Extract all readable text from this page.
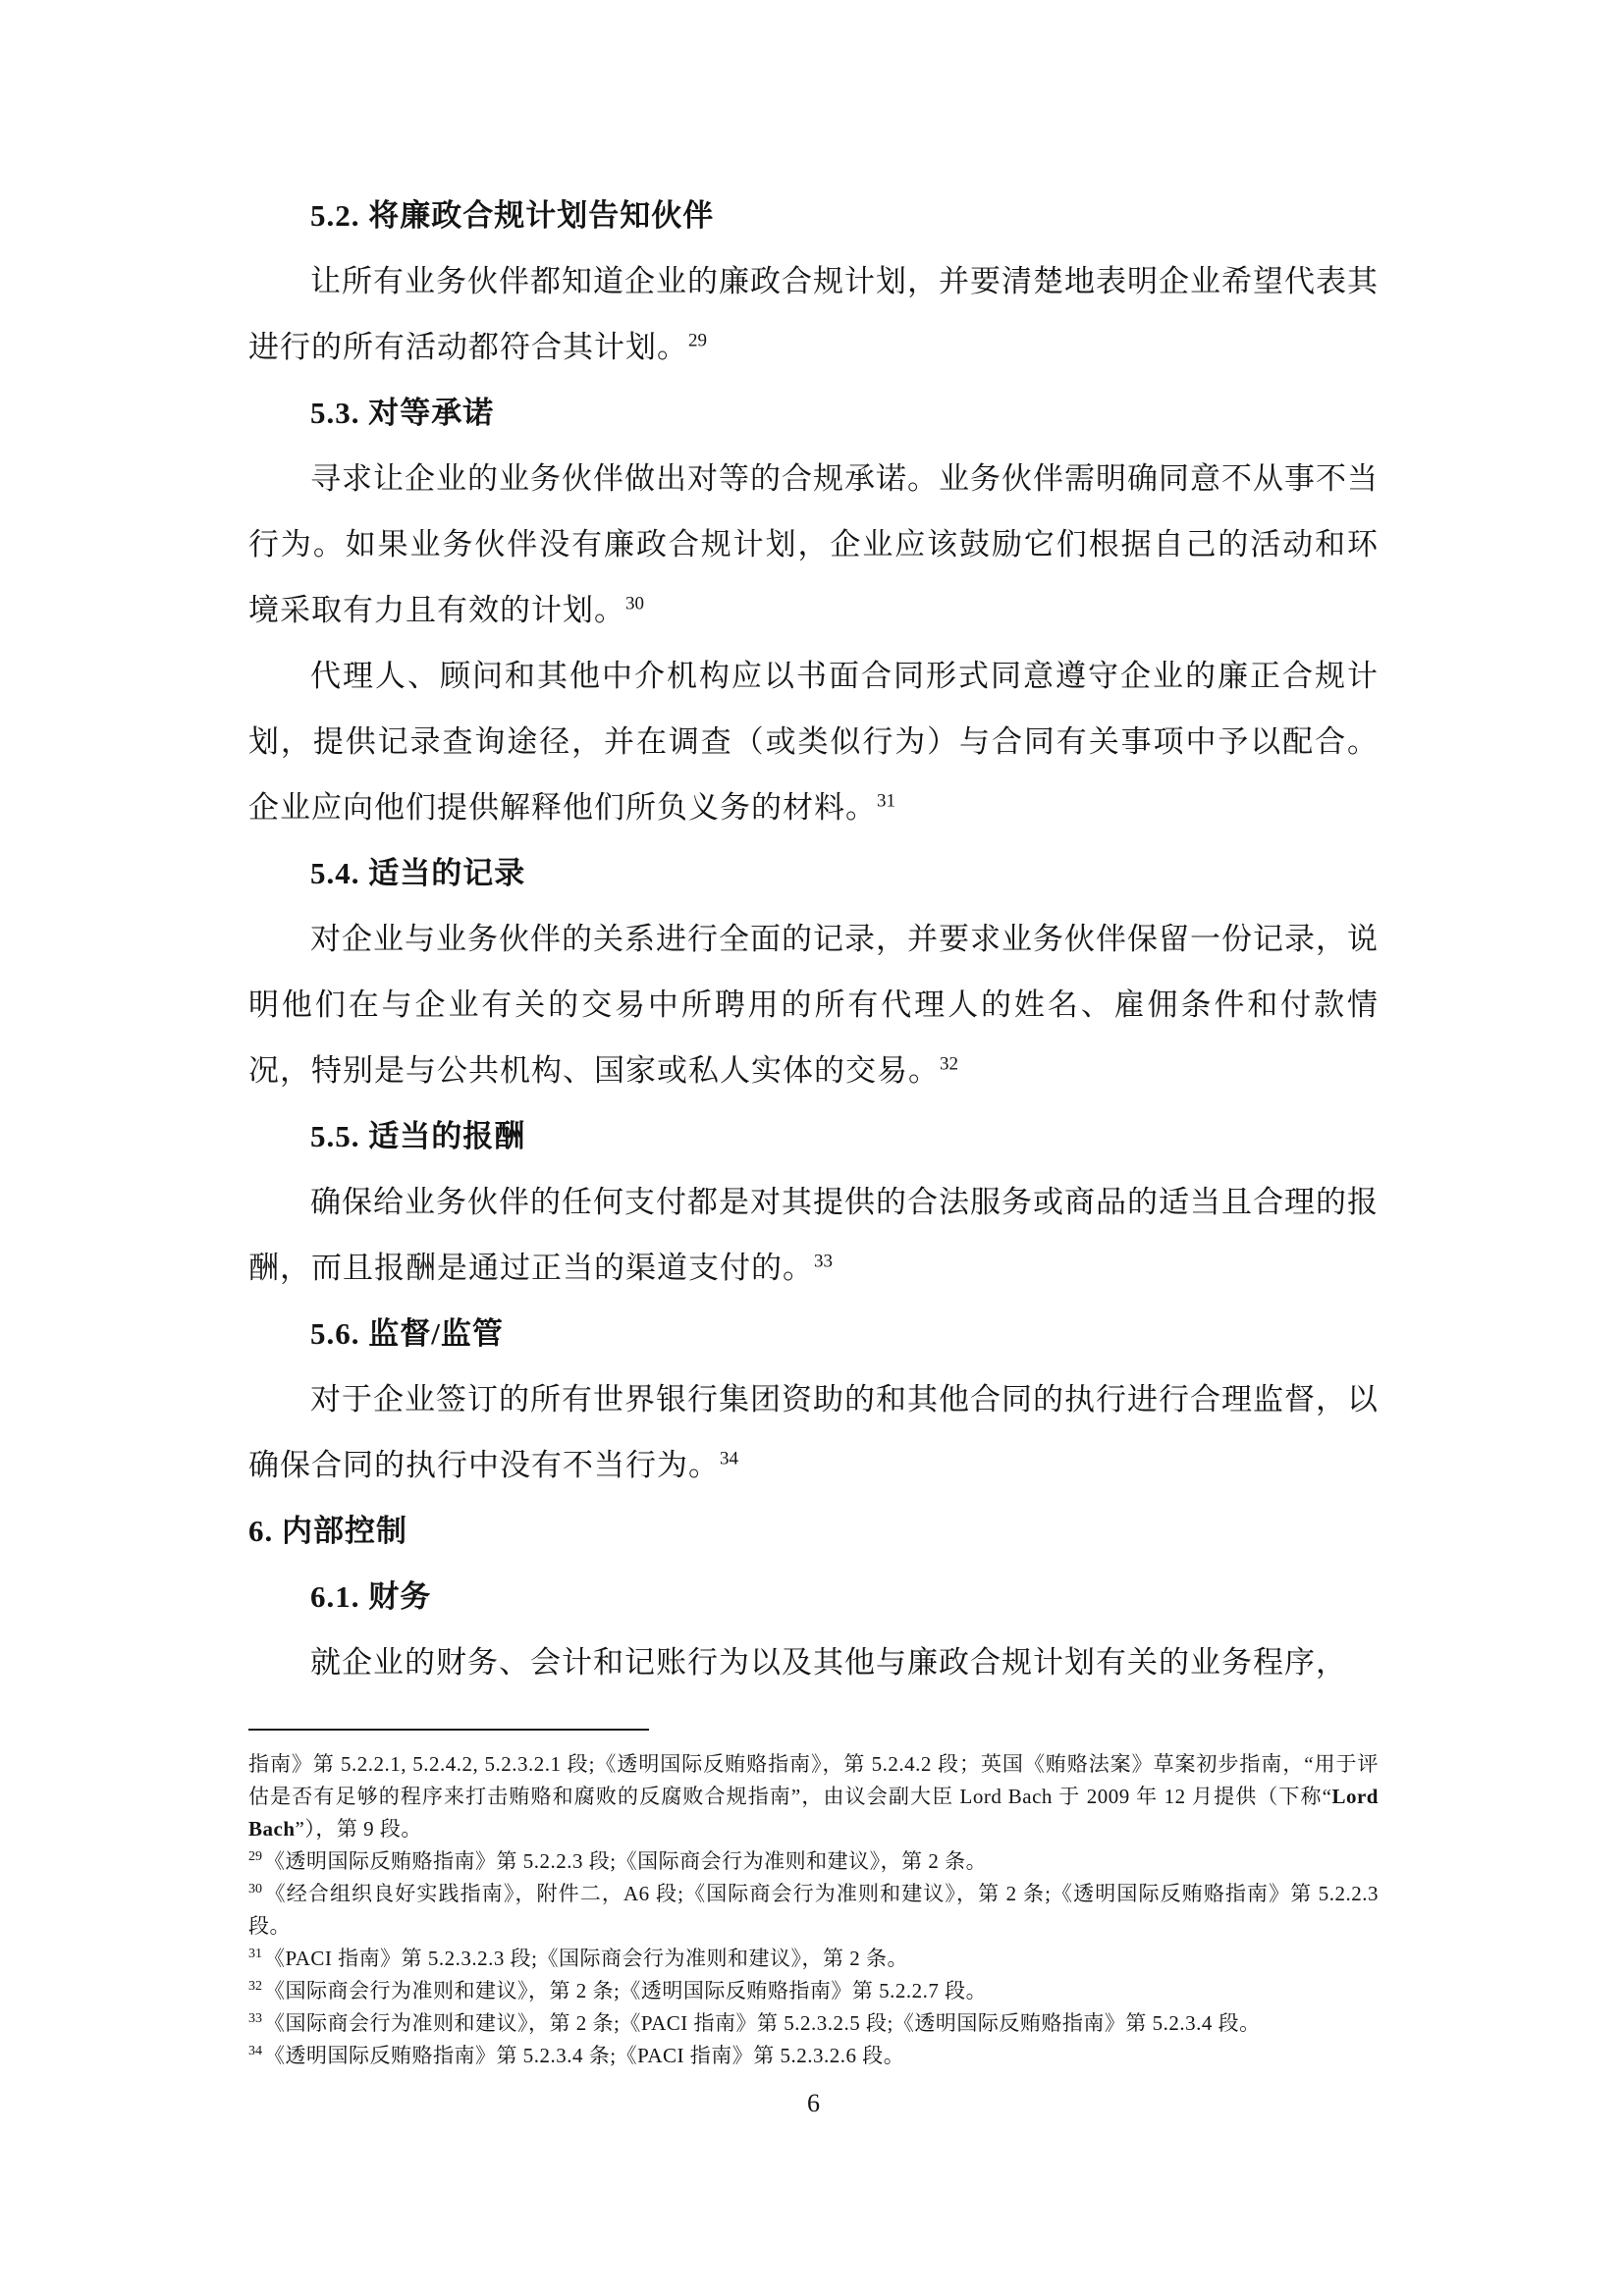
5.2. 将廉政合规计划告知伙伴

让所有业务伙伴都知道企业的廉政合规计划，并要清楚地表明企业希望代表其进行的所有活动都符合其计划。$^{29}$

5.3. 对等承诺

寻求让企业的业务伙伴做出对等的合规承诺。业务伙伴需明确同意不从事不当行为。如果业务伙伴没有廉政合规计划，企业应该鼓励它们根据自己的活动和环境采取有力且有效的计划。$^{30}$

代理人、顾问和其他中介机构应以书面合同形式同意遵守企业的廉正合规计划，提供记录查询途径，并在调查（或类似行为）与合同有关事项中予以配合。企业应向他们提供解释他们所负义务的材料。$^{31}$

5.4. 适当的记录

对企业与业务伙伴的关系进行全面的记录，并要求业务伙伴保留一份记录，说明他们在与企业有关的交易中所聘用的所有代理人的姓名、雇佣条件和付款情况，特别是与公共机构、国家或私人实体的交易。$^{32}$

5.5. 适当的报酬

确保给业务伙伴的任何支付都是对其提供的合法服务或商品的适当且合理的报酬，而且报酬是通过正当的渠道支付的。$^{33}$

5.6. 监督/监管

对于企业签订的所有世界银行集团资助的和其他合同的执行进行合理监督，以确保合同的执行中没有不当行为。$^{34}$

6. 内部控制
6.1. 财务

就企业的财务、会计和记账行为以及其他与廉政合规计划有关的业务程序，

指南》第 5.2.2.1, 5.2.4.2, 5.2.3.2.1 段;《透明国际反贿赂指南》，第 5.2.4.2 段；英国《贿赂法案》草案初步指南，“用于评估是否有足够的程序来打击贿赂和腐败的反腐败合规指南”，由议会副大臣 Lord Bach 于 2009 年 12 月提供（下称“Lord Bach”），第 9 段。

$^{29}$《透明国际反贿赂指南》第 5.2.2.3 段;《国际商会行为准则和建议》，第 2 条。

$^{30}$《经合组织良好实践指南》，附件二，A6 段;《国际商会行为准则和建议》，第 2 条;《透明国际反贿赂指南》第 5.2.2.3 段。

$^{31}$《PACI 指南》第 5.2.3.2.3 段;《国际商会行为准则和建议》，第 2 条。

$^{32}$《国际商会行为准则和建议》，第 2 条;《透明国际反贿赂指南》第 5.2.2.7 段。

$^{33}$《国际商会行为准则和建议》，第 2 条;《PACI 指南》第 5.2.3.2.5 段;《透明国际反贿赂指南》第 5.2.3.4 段。

$^{34}$《透明国际反贿赂指南》第 5.2.3.4 条;《PACI 指南》第 5.2.3.2.6 段。

6
